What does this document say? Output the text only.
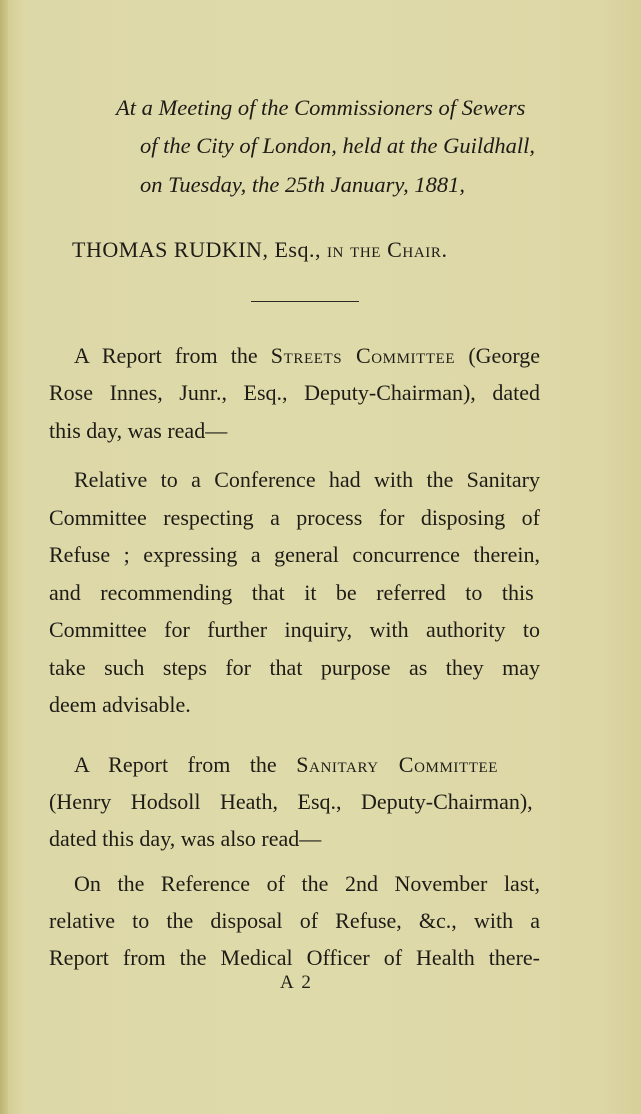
At a Meeting of the Commissioners of Sewers
of the City of London, held at the Guildhall,
on Tuesday, the 25th January, 1881,
THOMAS RUDKIN, Esq., in the Chair.
A Report from the Streets Committee (George
Rose Innes, Junr., Esq., Deputy-Chairman), dated
this day, was read—
Relative to a Conference had with the Sanitary
Committee respecting a process for disposing of
Refuse ; expressing a general concurrence therein,
and recommending that it be referred to this
Committee for further inquiry, with authority to
take such steps for that purpose as they may
deem advisable.
A Report from the Sanitary Committee
(Henry Hodsoll Heath, Esq., Deputy-Chairman),
dated this day, was also read—
On the Reference of the 2nd November last,
relative to the disposal of Refuse, &c., with a
Report from the Medical Officer of Health there-
A 2
